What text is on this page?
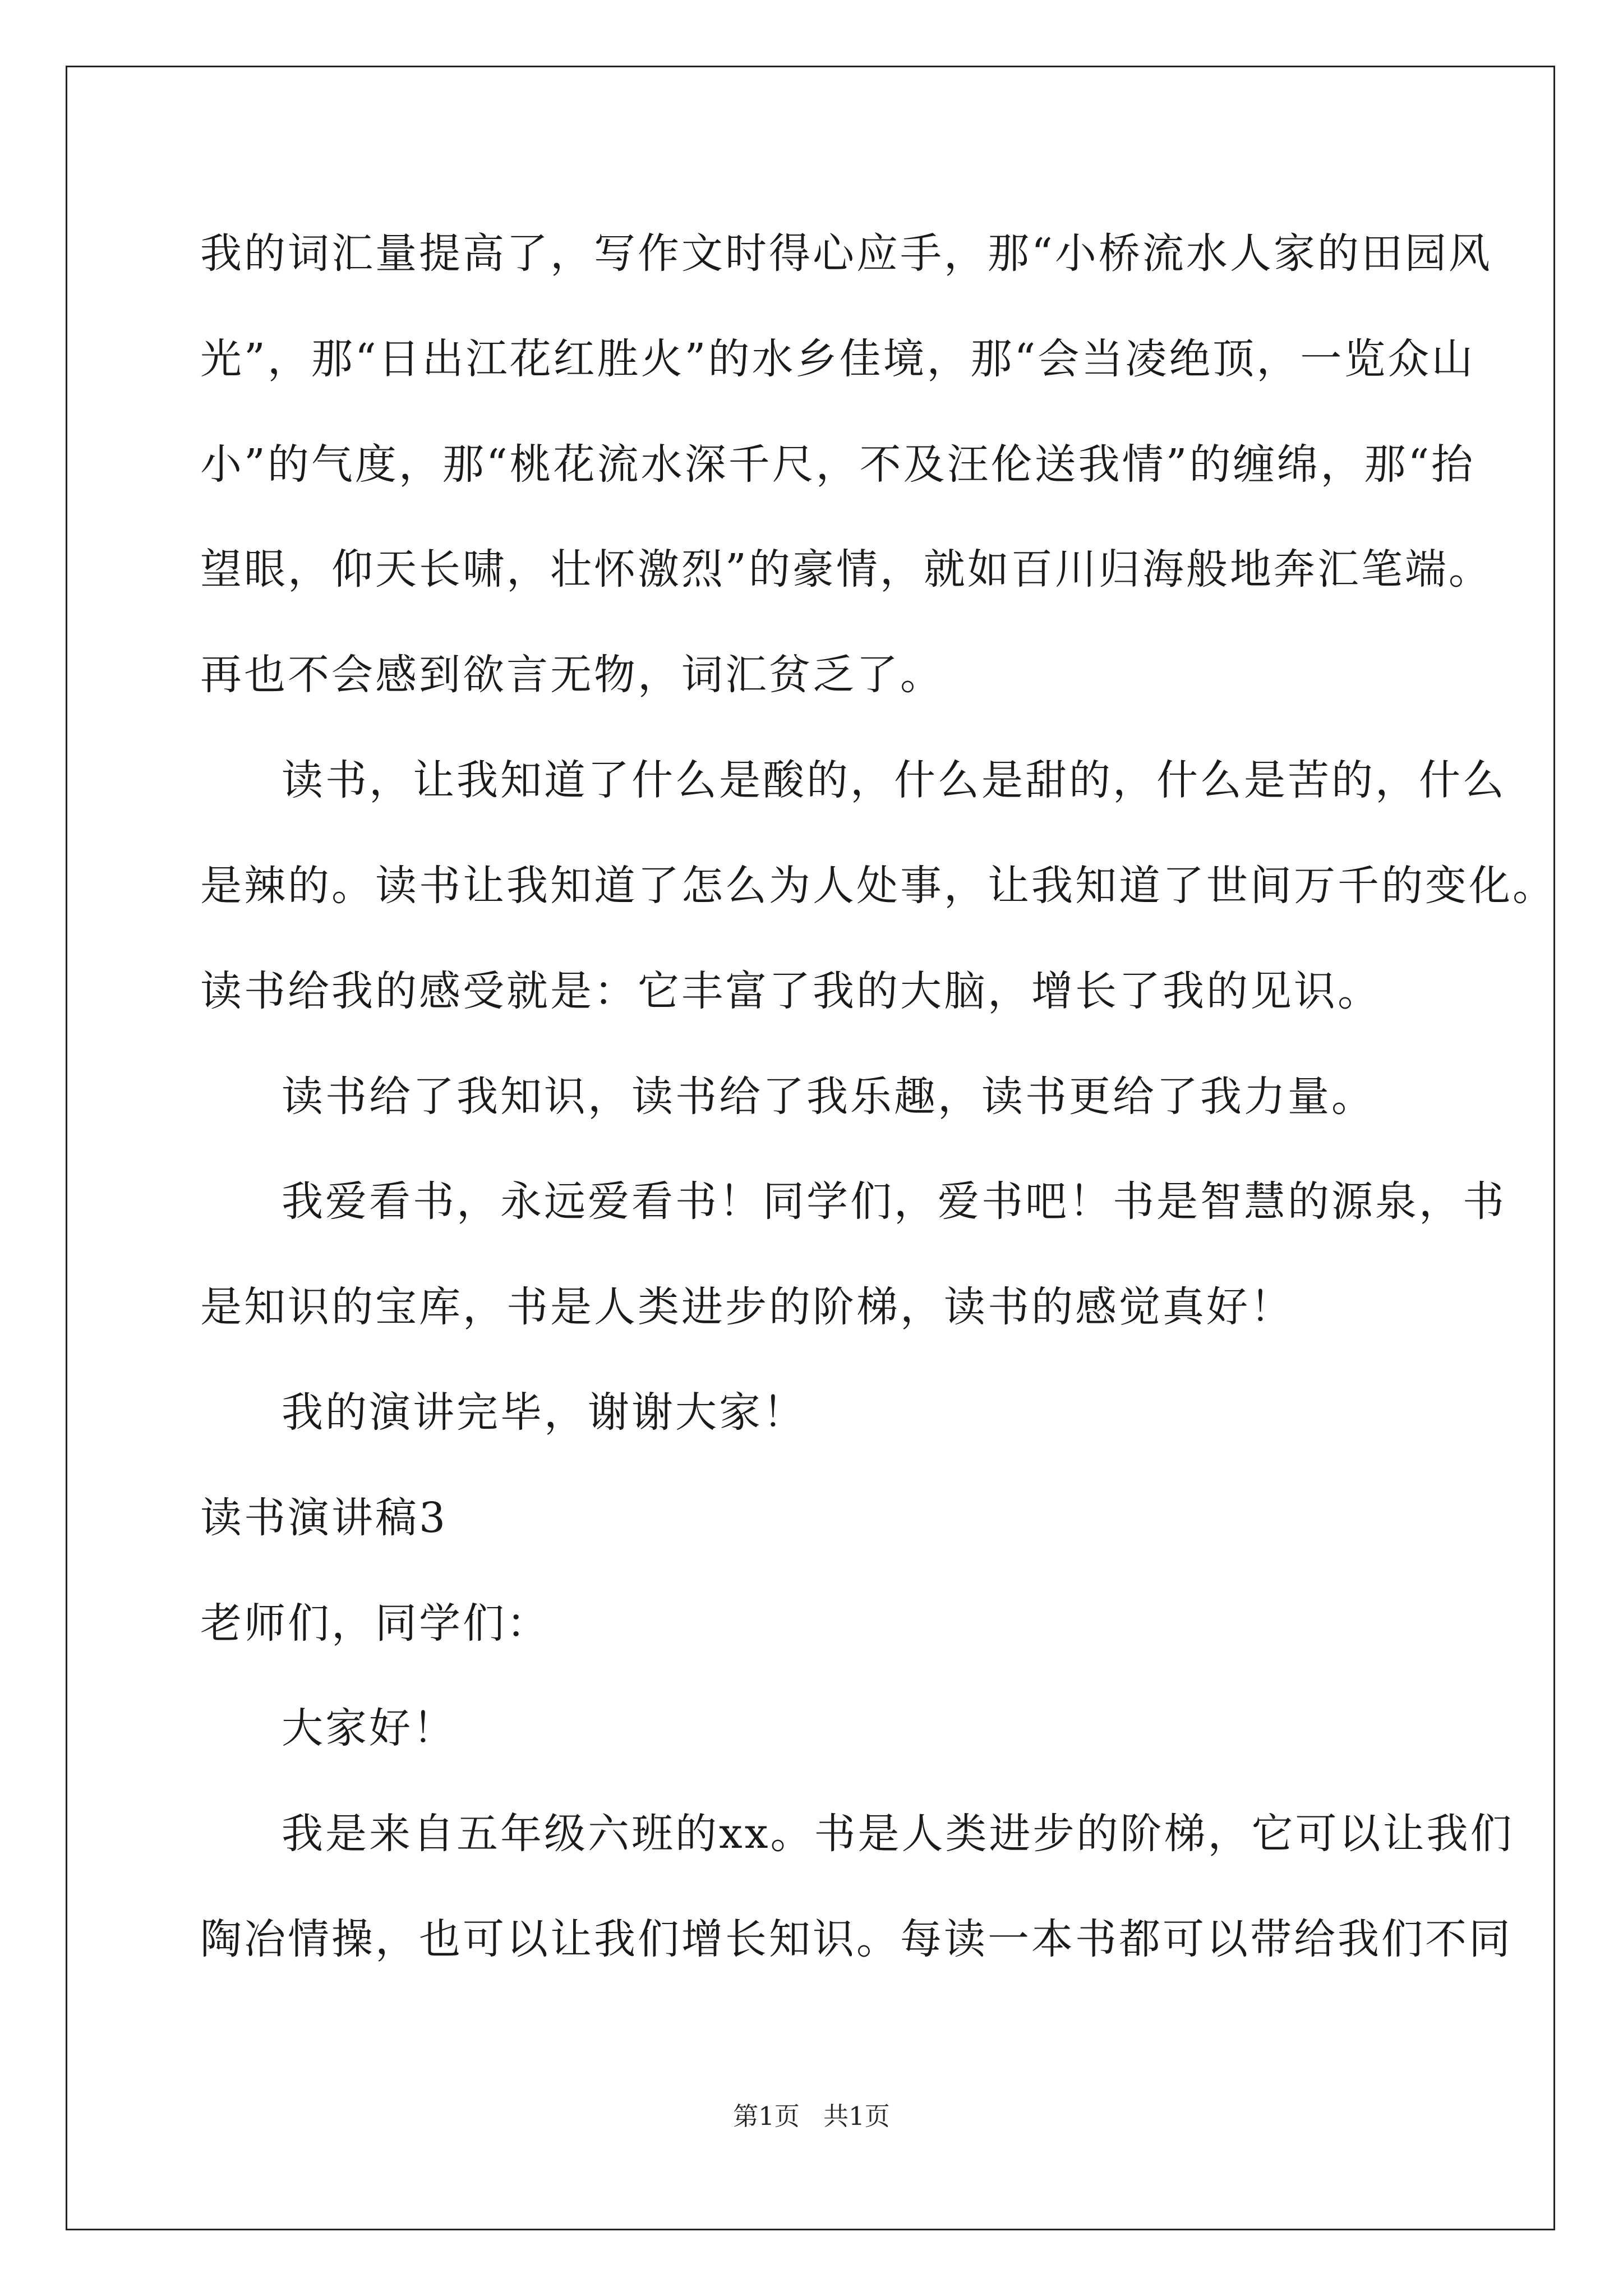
我的词汇量提高了，写作文时得心应手，那“小桥流水人家的田园风
光”，那“日出江花红胜火”的水乡佳境，那“会当凌绝顶，一览众山
小”的气度，那“桃花流水深千尺，不及汪伦送我情”的缠绵，那“抬
望眼，仰天长啸，壮怀激烈”的豪情，就如百川归海般地奔汇笔端。
再也不会感到欲言无物，词汇贫乏了。
读书，让我知道了什么是酸的，什么是甜的，什么是苦的，什么
是辣的。读书让我知道了怎么为人处事，让我知道了世间万千的变化。
读书给我的感受就是：它丰富了我的大脑，增长了我的见识。
读书给了我知识，读书给了我乐趣，读书更给了我力量。
我爱看书，永远爱看书！同学们，爱书吧！书是智慧的源泉，书
是知识的宝库，书是人类进步的阶梯，读书的感觉真好！
我的演讲完毕，谢谢大家！
读书演讲稿3
老师们，同学们：
大家好！
我是来自五年级六班的xx。书是人类进步的阶梯，它可以让我们
陶冶情操，也可以让我们增长知识。每读一本书都可以带给我们不同
第1页 共1页
